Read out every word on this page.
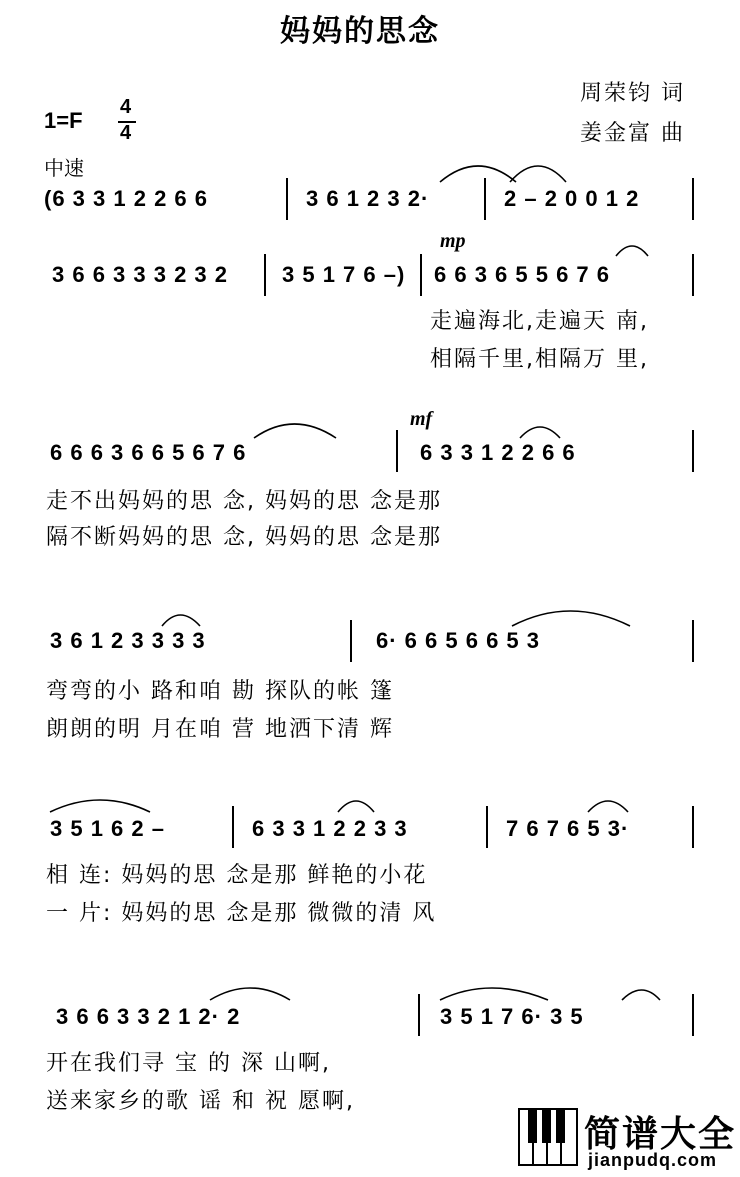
妈妈的思念
周荣钧 词
姜金富 曲
1=F
4
4
中速
(6 3 3 1 2 2 6 6	3 6 1 2 3 2·	2 – 2 0 0 1 2
mp
3 6 6 3 3 3 2 3 2 3 5 1 7 6 –) 6 6 3 6 5 5 6 7 6
走遍海北,走遍天 南,
相隔千里,相隔万 里,
mf
6 6 6 3 6 6 5 6 7 6	6 3 3 1 2 2 6 6
走不出妈妈的思 念, 妈妈的思 念是那
隔不断妈妈的思 念, 妈妈的思 念是那
3 6 1 2 3 3 3 3	6· 6 6 5 6 6 5 3
弯弯的小 路和咱 勘 探队的帐 篷
朗朗的明 月在咱 营 地洒下清 辉
3 5 1 6 2 –	6 3 3 1 2 2 3 3	7 6 7 6 5 3·
相 连: 妈妈的思 念是那 鲜艳的小花
一 片: 妈妈的思 念是那 微微的清 风
3 6 6 3 3 2 1 2· 2	3 5 1 7 6· 3 5
开在我们寻 宝 的 深 山啊,
送来家乡的歌 谣 和 祝 愿啊,
简谱大全
jianpudq.com
